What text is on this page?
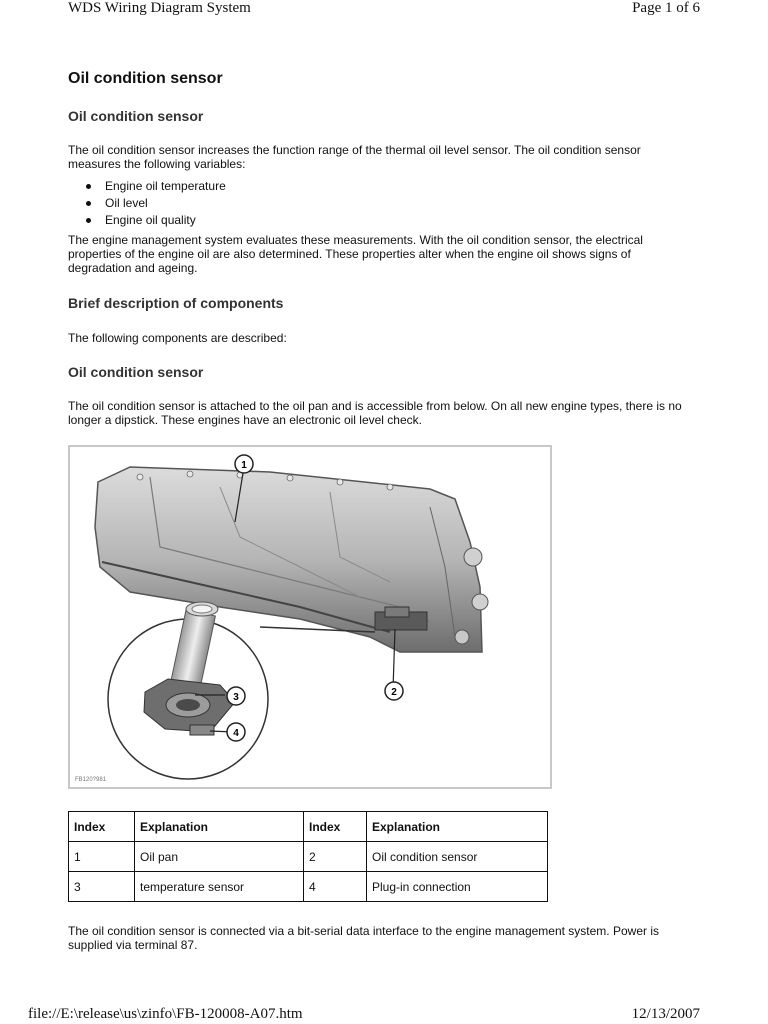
WDS Wiring Diagram System	Page 1 of 6
Oil condition sensor
Oil condition sensor
The oil condition sensor increases the function range of the thermal oil level sensor. The oil condition sensor measures the following variables:
Engine oil temperature
Oil level
Engine oil quality
The engine management system evaluates these measurements. With the oil condition sensor, the electrical properties of the engine oil are also determined. These properties alter when the engine oil shows signs of degradation and ageing.
Brief description of components
The following components are described:
Oil condition sensor
The oil condition sensor is attached to the oil pan and is accessible from below. On all new engine types, there is no longer a dipstick. These engines have an electronic oil level check.
1
2
3
4
FB120?981
Index	Explanation	Index	Explanation
1	Oil pan	2	Oil condition sensor
3	temperature sensor	4	Plug-in connection
The oil condition sensor is connected via a bit-serial data interface to the engine management system. Power is supplied via terminal 87.
file://E:\release\us\zinfo\FB-120008-A07.htm	12/13/2007
